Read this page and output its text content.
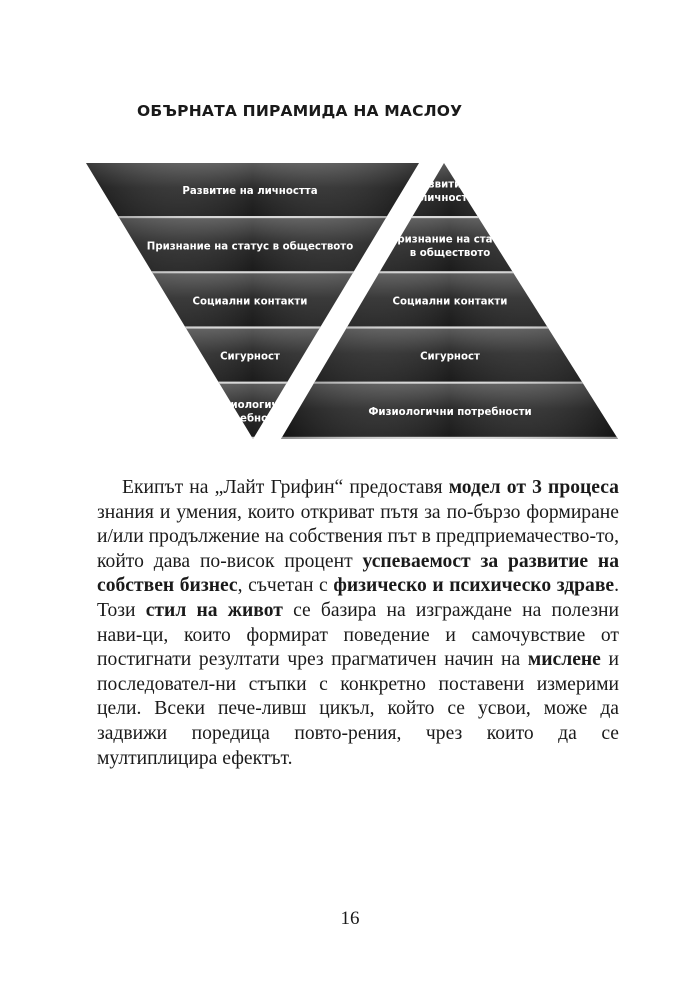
ОБЪРНАТА ПИРАМИДА НА МАСЛОУ
Развитие на личността
Признание на статус в обществото
Социални контакти
Сигурност
Физиологични потребности
Развитие на личността
Признание на статус в обществото
Социални контакти
Сигурност
Физиологични потребности

Екипът на „Лайт Грифин“ предоставя модел от 3 процеса знания и умения, които откриват пътя за по-бързо формиране и/или продължение на собствения път в предприемачество-то, който дава по-висок процент успеваемост за развитие на собствен бизнес, съчетан с физическо и психическо здраве. Този стил на живот се базира на изграждане на полезни нави-ци, които формират поведение и самочувствие от постигнати резултати чрез прагматичен начин на мислене и последовател-ни стъпки с конкретно поставени измерими цели. Всеки пече-ливш цикъл, който се усвои, може да задвижи поредица повто-рения, чрез които да се мултиплицира ефектът.

16
